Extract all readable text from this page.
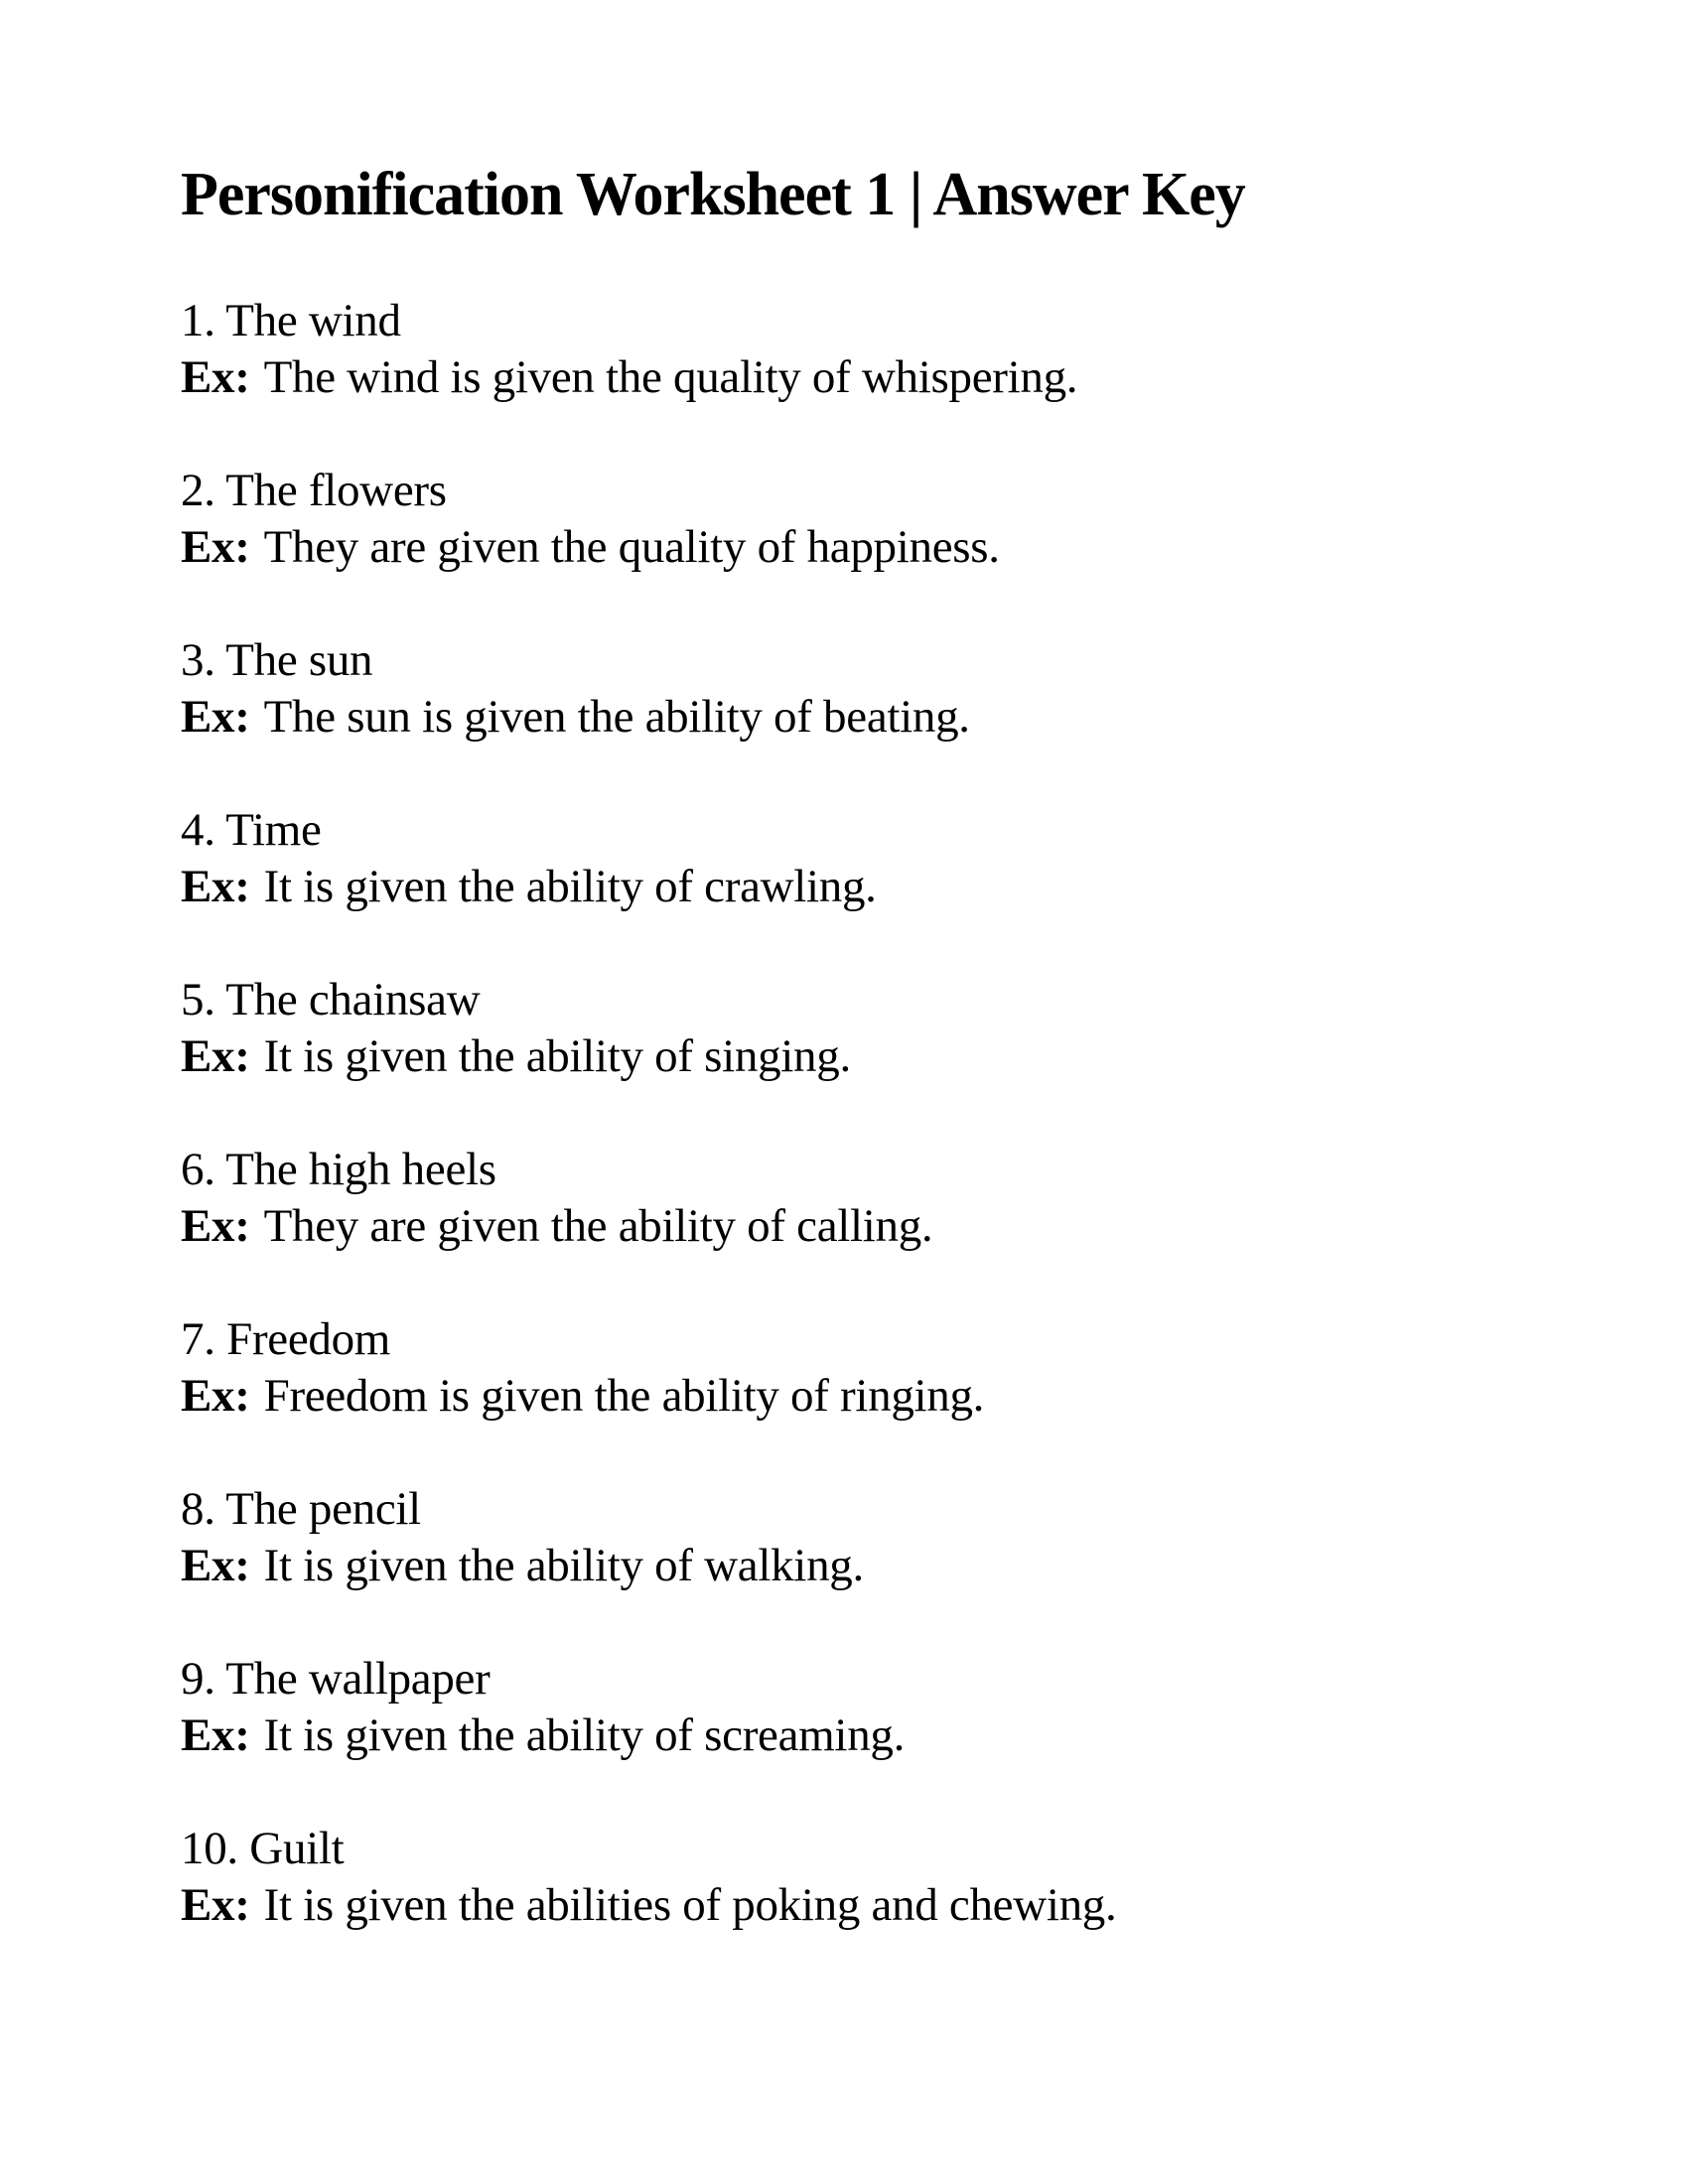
Personification Worksheet 1 | Answer Key
1. The wind
Ex: The wind is given the quality of whispering.
2. The flowers
Ex: They are given the quality of happiness.
3. The sun
Ex: The sun is given the ability of beating.
4. Time
Ex: It is given the ability of crawling.
5. The chainsaw
Ex: It is given the ability of singing.
6. The high heels
Ex: They are given the ability of calling.
7. Freedom
Ex: Freedom is given the ability of ringing.
8. The pencil
Ex: It is given the ability of walking.
9. The wallpaper
Ex: It is given the ability of screaming.
10. Guilt
Ex: It is given the abilities of poking and chewing.
